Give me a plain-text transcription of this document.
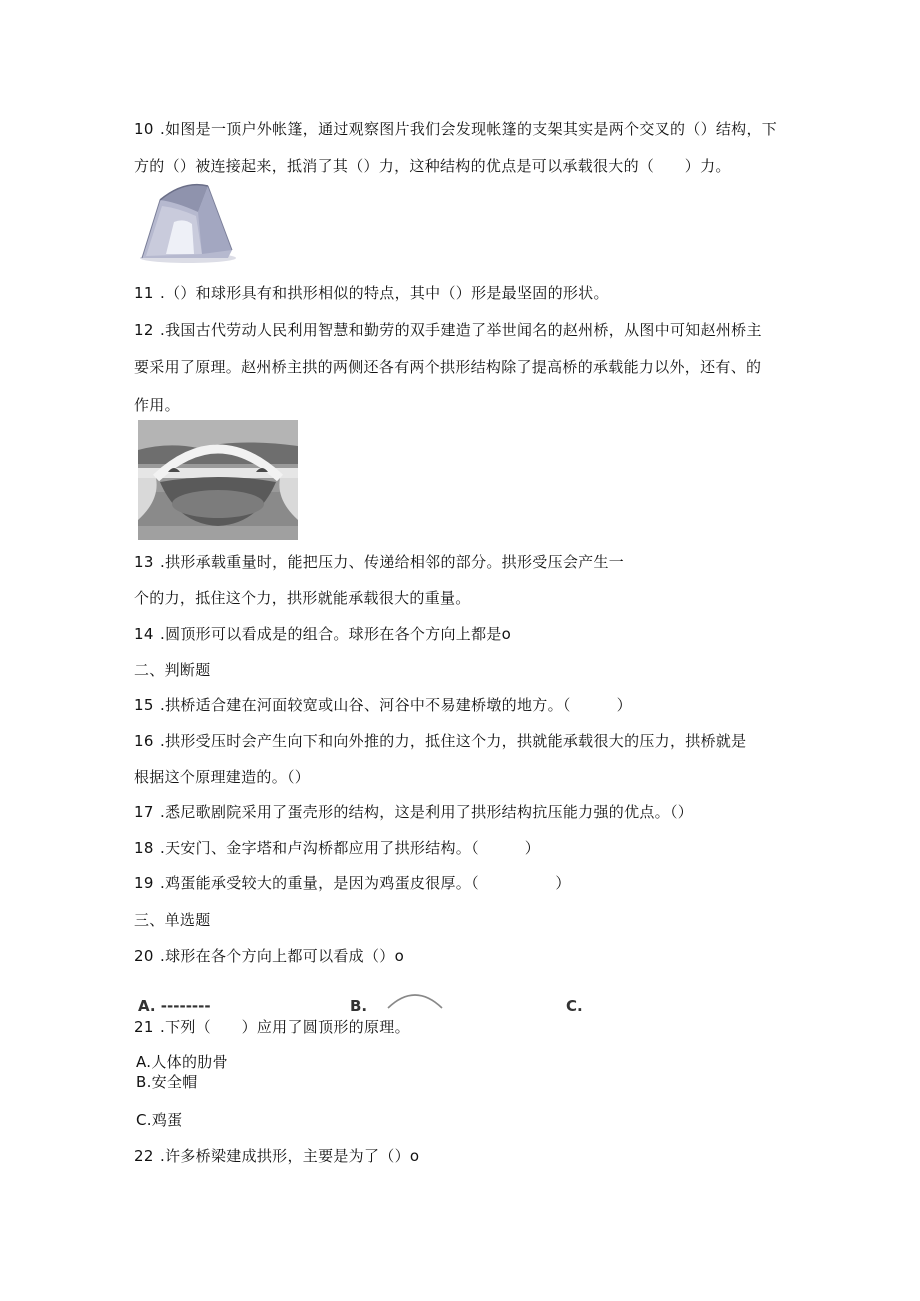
10 .如图是一顶户外帐篷，通过观察图片我们会发现帐篷的支架其实是两个交叉的（）结构，下
方的（）被连接起来，抵消了其（）力，这种结构的优点是可以承载很大的（　　）力。
11 .（）和球形具有和拱形相似的特点，其中（）形是最坚固的形状。
12 .我国古代劳动人民利用智慧和勤劳的双手建造了举世闻名的赵州桥，从图中可知赵州桥主
要采用了原理。赵州桥主拱的两侧还各有两个拱形结构除了提高桥的承载能力以外，还有、的
作用。
13 .拱形承载重量时，能把压力、传递给相邻的部分。拱形受压会产生一
个的力，抵住这个力，拱形就能承载很大的重量。
14 .圆顶形可以看成是的组合。球形在各个方向上都是o
二、判断题
15 .拱桥适合建在河面较宽或山谷、河谷中不易建桥墩的地方。（　　　）
16 .拱形受压时会产生向下和向外推的力，抵住这个力，拱就能承载很大的压力，拱桥就是
根据这个原理建造的。（）
17 .悉尼歌剧院采用了蛋壳形的结构，这是利用了拱形结构抗压能力强的优点。（）
18 .天安门、金字塔和卢沟桥都应用了拱形结构。（　　　）
19 .鸡蛋能承受较大的重量，是因为鸡蛋皮很厚。（　　　　　）
三、单选题
20 .球形在各个方向上都可以看成（）o
A. --------	B.	C.
21 .下列（　　）应用了圆顶形的原理。
A.人体的肋骨
B.安全帽
C.鸡蛋
22 .许多桥梁建成拱形，主要是为了（）o
